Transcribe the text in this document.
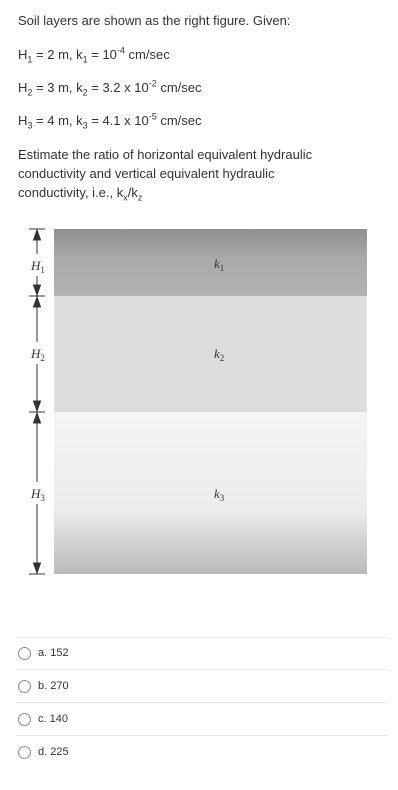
Soil layers are shown as the right figure. Given:
$H_1 = 2$ m, $k_1 = 10^{-4}$ cm/sec
$H_2 = 3$ m, $k_2 = 3.2$ x $10^{-2}$ cm/sec
$H_3 = 4$ m, $k_3 = 4.1$ x $10^{-5}$ cm/sec
Estimate the ratio of horizontal equivalent hydraulic
conductivity and vertical equivalent hydraulic
conductivity, i.e., $k_x/k_z$
$H_1$
$H_2$
$H_3$
$k_1$
$k_2$
$k_3$
a. 152
b. 270
c. 140
d. 225
